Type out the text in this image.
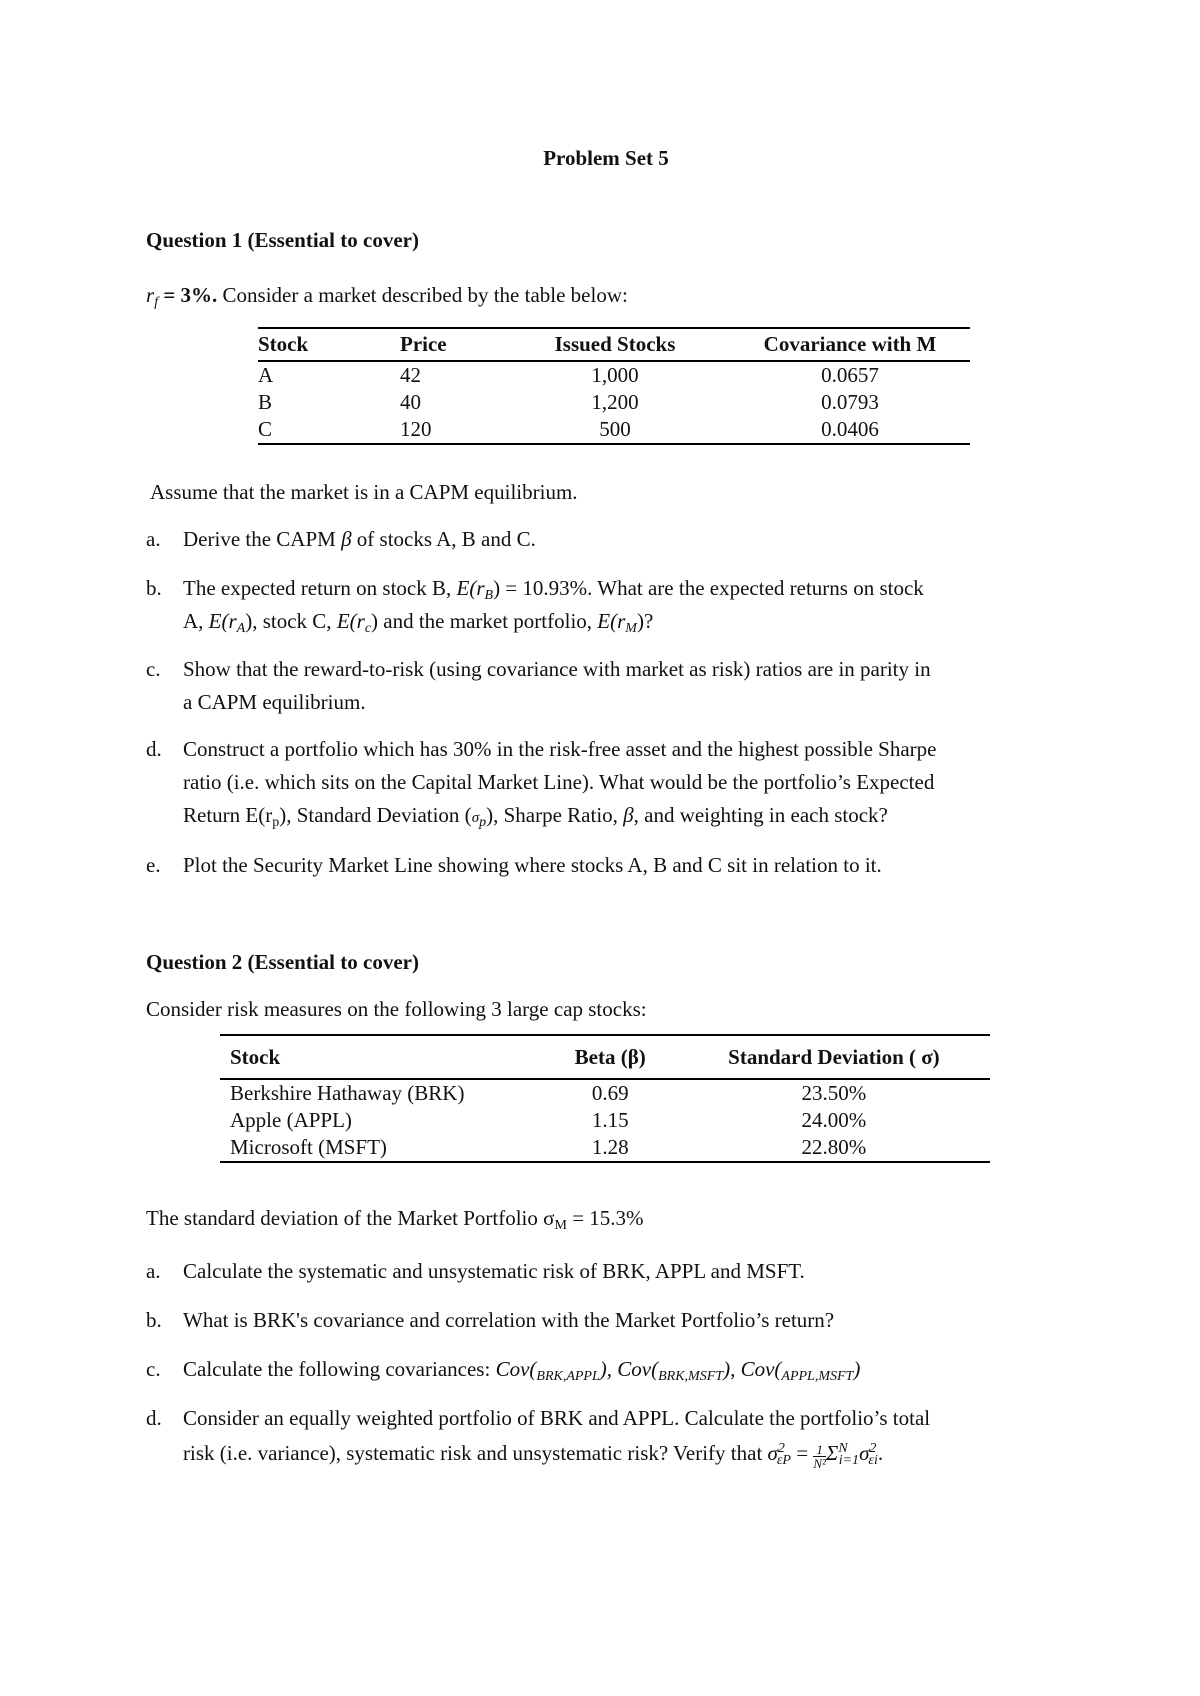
Problem Set 5
Question 1 (Essential to cover)
$r_f = 3\%$. Consider a market described by the table below:
Stock	Price	Issued Stocks	Covariance with M
A	42	1,000	0.0657
B	40	1,200	0.0793
C	120	500	0.0406
Assume that the market is in a CAPM equilibrium.
a.	Derive the CAPM β of stocks A, B and C.
b.	The expected return on stock B, $E(r_B) = 10.93\%$. What are the expected returns on stock
A, $E(r_A)$, stock C, $E(r_c)$ and the market portfolio, $E(r_M)$?
c.	Show that the reward-to-risk (using covariance with market as risk) ratios are in parity in
a CAPM equilibrium.
d.	Construct a portfolio which has 30% in the risk-free asset and the highest possible Sharpe
ratio (i.e. which sits on the Capital Market Line). What would be the portfolio’s Expected
Return $E(r_p)$, Standard Deviation $(\sigma_p)$, Sharpe Ratio, β, and weighting in each stock?
e.	Plot the Security Market Line showing where stocks A, B and C sit in relation to it.
Question 2 (Essential to cover)
Consider risk measures on the following 3 large cap stocks:
Stock	Beta (β)	Standard Deviation ( σ)
Berkshire Hathaway (BRK)	0.69	23.50%
Apple (APPL)	1.15	24.00%
Microsoft (MSFT)	1.28	22.80%
The standard deviation of the Market Portfolio $\sigma_M = 15.3\%$
a.	Calculate the systematic and unsystematic risk of BRK, APPL and MSFT.
b.	What is BRK's covariance and correlation with the Market Portfolio’s return?
c.	Calculate the following covariances: $Cov(_{BRK,APPL})$, $Cov(_{BRK,MSFT})$, $Cov(_{APPL,MSFT})$
d.	Consider an equally weighted portfolio of BRK and APPL. Calculate the portfolio’s total
risk (i.e. variance), systematic risk and unsystematic risk? Verify that $\sigma^2_{\varepsilon P} = \frac{1}{\text{N²}} \Sigma^N_{i=1}\sigma^2_{\varepsilon i}$.
